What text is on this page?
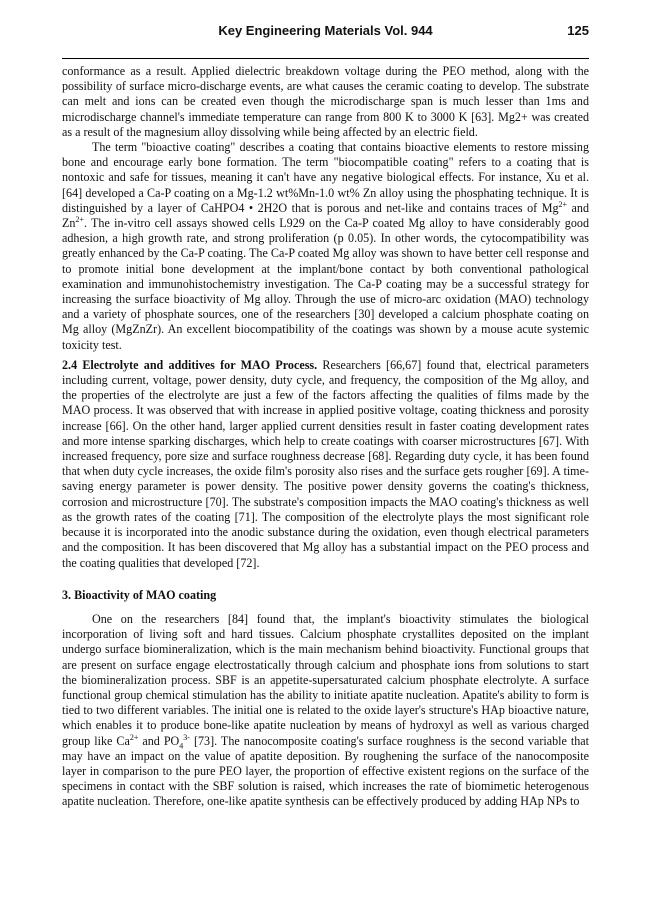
Key Engineering Materials Vol. 944	125

conformance as a result. Applied dielectric breakdown voltage during the PEO method, along with the possibility of surface micro-discharge events, are what causes the ceramic coating to develop. The substrate can melt and ions can be created even though the microdischarge span is much lesser than 1ms and microdischarge channel's immediate temperature can range from 800 K to 3000 K [63]. Mg2+ was created as a result of the magnesium alloy dissolving while being affected by an electric field.

The term "bioactive coating" describes a coating that contains bioactive elements to restore missing bone and encourage early bone formation. The term "biocompatible coating" refers to a coating that is nontoxic and safe for tissues, meaning it can't have any negative biological effects. For instance, Xu et al. [64] developed a Ca-P coating on a Mg-1.2 wt%Mn-1.0 wt% Zn alloy using the phosphating technique. It is distinguished by a layer of CaHPO4 • 2H2O that is porous and net-like and contains traces of $Mg^{2+}$ and $Zn^{2+}$. The in-vitro cell assays showed cells L929 on the Ca-P coated Mg alloy to have considerably good adhesion, a high growth rate, and strong proliferation (p 0.05). In other words, the cytocompatibility was greatly enhanced by the Ca-P coating. The Ca-P coated Mg alloy was shown to have better cell response and to promote initial bone development at the implant/bone contact by both conventional pathological examination and immunohistochemistry investigation. The Ca-P coating may be a successful strategy for increasing the surface bioactivity of Mg alloy. Through the use of micro-arc oxidation (MAO) technology and a variety of phosphate sources, one of the researchers [30] developed a calcium phosphate coating on Mg alloy (MgZnZr). An excellent biocompatibility of the coatings was shown by a mouse acute systemic toxicity test.

2.4 Electrolyte and additives for MAO Process. Researchers [66,67] found that, electrical parameters including current, voltage, power density, duty cycle, and frequency, the composition of the Mg alloy, and the properties of the electrolyte are just a few of the factors affecting the qualities of films made by the MAO process. It was observed that with increase in applied positive voltage, coating thickness and porosity increase [66]. On the other hand, larger applied current densities result in faster coating development rates and more intense sparking discharges, which help to create coatings with coarser microstructures [67]. With increased frequency, pore size and surface roughness decrease [68]. Regarding duty cycle, it has been found that when duty cycle increases, the oxide film's porosity also rises and the surface gets rougher [69]. A time-saving energy parameter is power density. The positive power density governs the coating's thickness, corrosion and microstructure [70]. The substrate's composition impacts the MAO coating's thickness as well as the growth rates of the coating [71]. The composition of the electrolyte plays the most significant role because it is incorporated into the anodic substance during the oxidation, even though electrical parameters and the composition. It has been discovered that Mg alloy has a substantial impact on the PEO process and the coating qualities that developed [72].

3. Bioactivity of MAO coating

One on the researchers [84] found that, the implant's bioactivity stimulates the biological incorporation of living soft and hard tissues. Calcium phosphate crystallites deposited on the implant undergo surface biomineralization, which is the main mechanism behind bioactivity. Functional groups that are present on surface engage electrostatically through calcium and phosphate ions from solutions to start the biomineralization process. SBF is an appetite-supersaturated calcium phosphate electrolyte. A surface functional group chemical stimulation has the ability to initiate apatite nucleation. Apatite's ability to form is tied to two different variables. The initial one is related to the oxide layer's structure's HAp bioactive nature, which enables it to produce bone-like apatite nucleation by means of hydroxyl as well as various charged group like $Ca^{2+}$ and $PO_4^{3-}$ [73]. The nanocomposite coating's surface roughness is the second variable that may have an impact on the value of apatite deposition. By roughening the surface of the nanocomposite layer in comparison to the pure PEO layer, the proportion of effective existent regions on the surface of the specimens in contact with the SBF solution is raised, which increases the rate of biomimetic heterogenous apatite nucleation. Therefore, one-like apatite synthesis can be effectively produced by adding HAp NPs to
